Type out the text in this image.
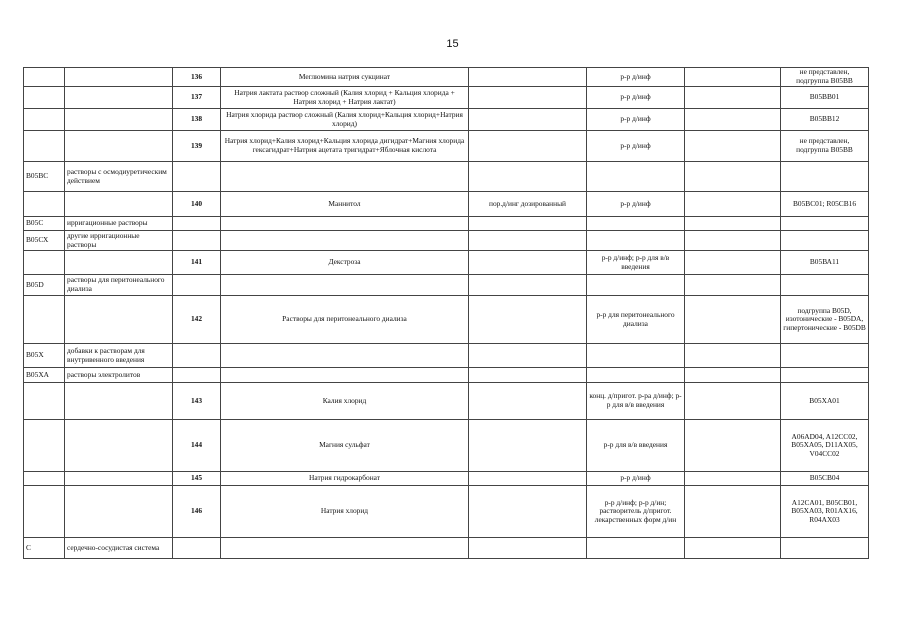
15
		136	Меглюмина натрия сукцинат		р-р д/инф		не представлен, подгруппа В05ВВ
		137	Натрия лактата раствор сложный (Калия хлорид + Кальция хлорида + Натрия хлорид + Натрия лактат)		р-р д/инф		В05ВВ01
		138	Натрия хлорида раствор сложный (Калия хлорид+Кальция хлорид+Натрия хлорид)		р-р д/инф		В05ВВ12
		139	Натрия хлорид+Калия хлорид+Кальция хлорида дигидрат+Магния хлорида гексагидрат+Натрия ацетата тригидрат+Яблочная кислота		р-р д/инф		не представлен, подгруппа В05ВВ
В05ВС	растворы с осмодиуретическим действием						
		140	Маннитол	пор.д/инг дозированный	р-р д/инф		В05ВС01; R05CB16
В05С	ирригационные растворы						
В05СХ	другие ирригационные растворы						
		141	Декстроза		р-р д/инф; р-р для в/в введения		В05ВА11
В05D	растворы для перитонеального диализа						
		142	Растворы для перитонеального диализа		р-р для перитонеального диализа		подгруппа В05D, изотонические - В05DA, гипертонические - В05DB
В05Х	добавки к растворам для внутривенного введения						
В05ХА	растворы электролитов						
		143	Калия хлорид		конц. д/пригот. р-ра д/инф; р-р для в/в введения		В05ХА01
		144	Магния сульфат		р-р для в/в введения		А06AD04, A12CC02, В05ХА05, D11AX05, V04CC02
		145	Натрия гидрокарбонат		р-р д/инф		В05СВ04
		146	Натрия хлорид		р-р д/инф; р-р д/ин; растворитель д/пригот. лекарственных форм д/ин		A12CA01, B05CB01, В05ХА03, R01AX16, R04AX03
С	сердечно-сосудистая система						
